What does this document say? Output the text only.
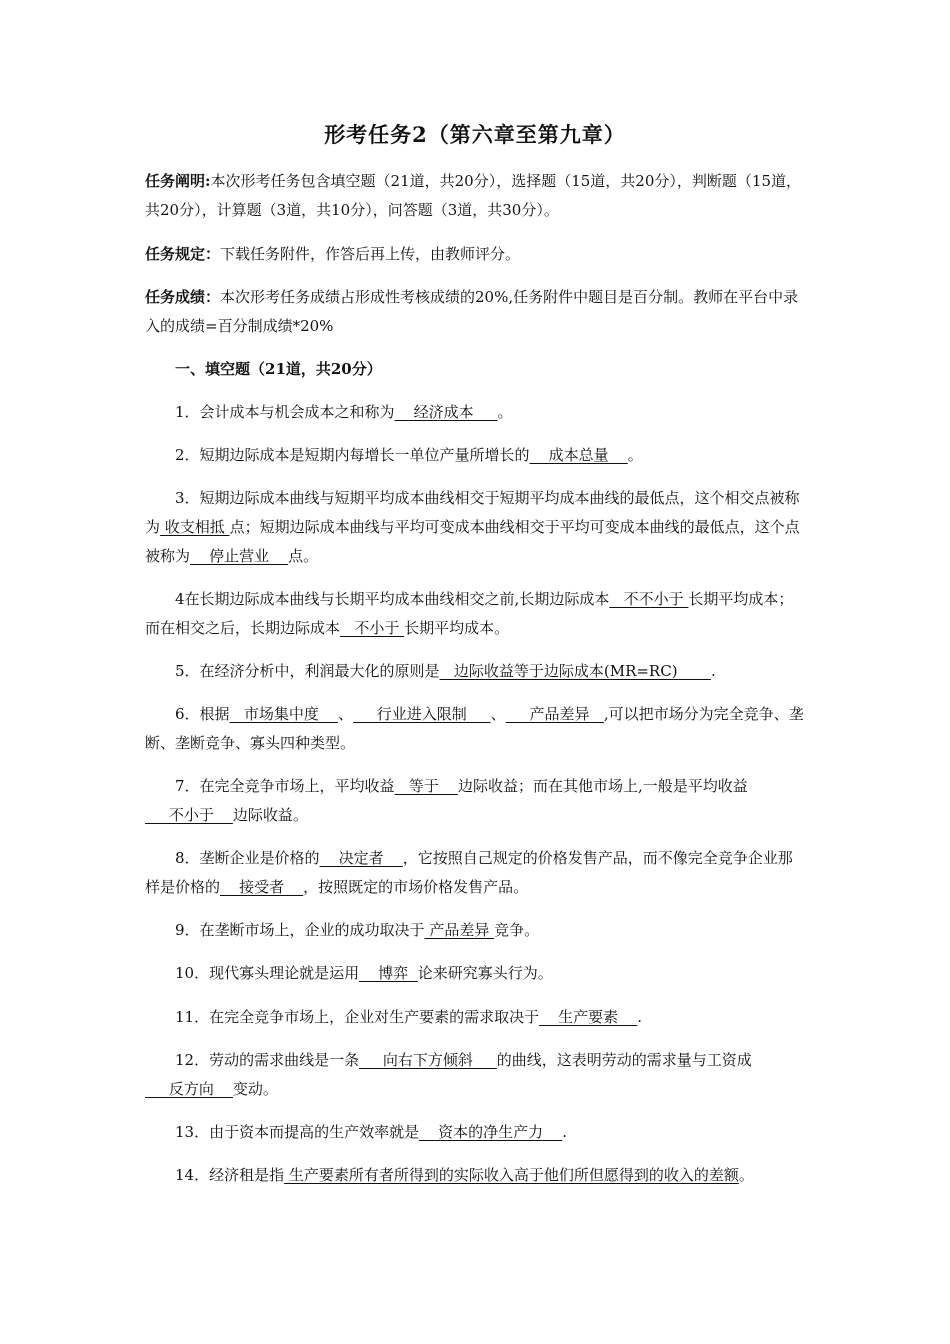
形考任务2（第六章至第九章）
任务阐明:本次形考任务包含填空题（21道，共20分），选择题（15道，共20分），判断题（15道，共20分），计算题（3道，共10分），问答题（3道，共30分）。
任务规定：下载任务附件，作答后再上传，由教师评分。
任务成绩：本次形考任务成绩占形成性考核成绩的20%,任务附件中题目是百分制。教师在平台中录入的成绩=百分制成绩*20%
一、填空题（21道，共20分）
1．会计成本与机会成本之和称为    经济成本     。
2．短期边际成本是短期内每增长一单位产量所增长的    成本总量    。
3．短期边际成本曲线与短期平均成本曲线相交于短期平均成本曲线的最低点，这个相交点被称为 收支相抵 点；短期边际成本曲线与平均可变成本曲线相交于平均可变成本曲线的最低点，这个点被称为    停止营业    点。
4在长期边际成本曲线与长期平均成本曲线相交之前,长期边际成本   不不小于 长期平均成本；而在相交之后，长期边际成本   不小于 长期平均成本。
5．在经济分析中，利润最大化的原则是   边际收益等于边际成本(MR=RC)       .
6．根据   市场集中度    、     行业进入限制     、     产品差异   ,可以把市场分为完全竞争、垄断、垄断竞争、寡头四种类型。
7．在完全竞争市场上，平均收益   等于    边际收益；而在其他市场上,一般是平均收益     不小于    边际收益。
8．垄断企业是价格的    决定者    ，它按照自己规定的价格发售产品，而不像完全竞争企业那样是价格的    接受者    ，按照既定的市场价格发售产品。
9．在垄断市场上，企业的成功取决于 产品差异 竞争。
10．现代寡头理论就是运用    博弈  论来研究寡头行为。
11．在完全竞争市场上，企业对生产要素的需求取决于    生产要素    .
12．劳动的需求曲线是一条     向右下方倾斜     的曲线，这表明劳动的需求量与工资成     反方向    变动。
13．由于资本而提高的生产效率就是    资本的净生产力    .
14．经济租是指 生产要素所有者所得到的实际收入高于他们所但愿得到的收入的差额。
